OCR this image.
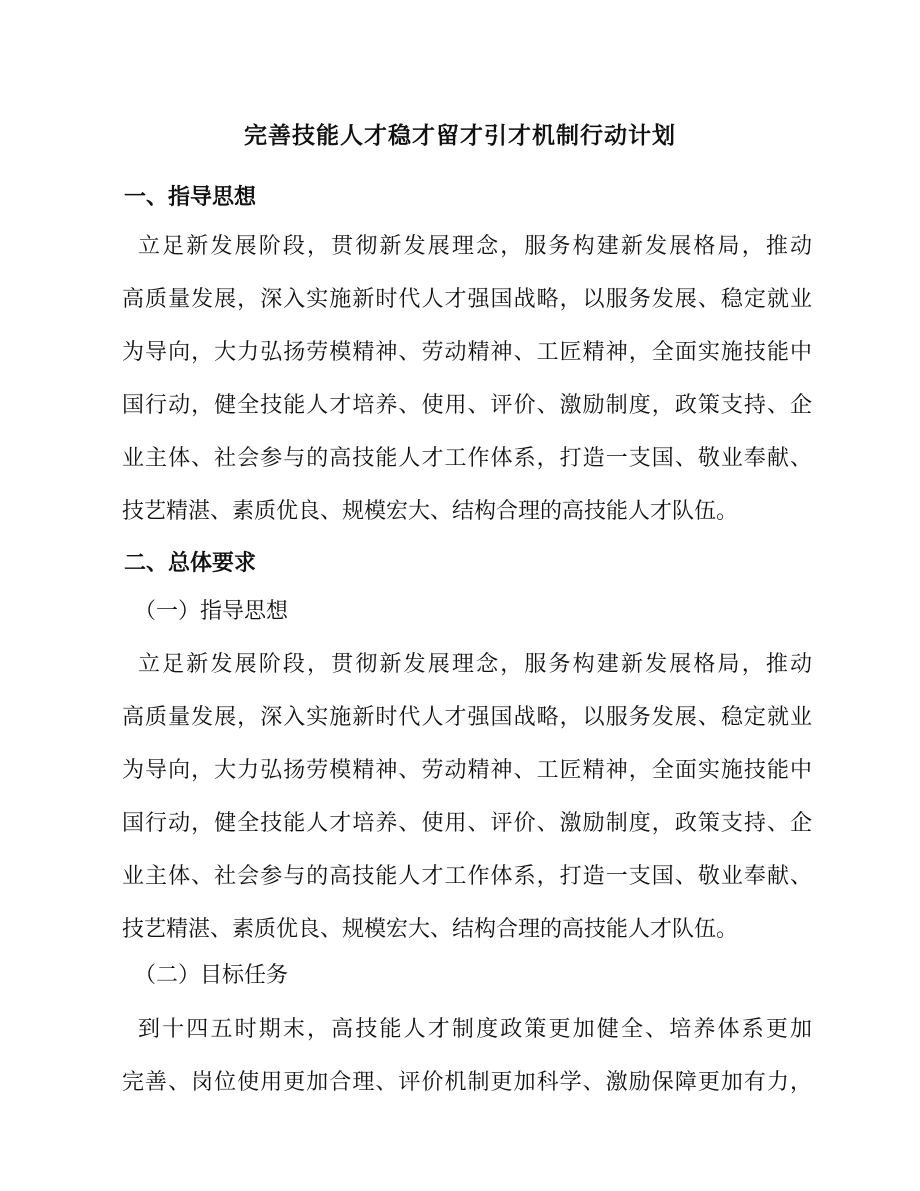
完善技能人才稳才留才引才机制行动计划
一、指导思想
立足新发展阶段，贯彻新发展理念，服务构建新发展格局，推动
高质量发展，深入实施新时代人才强国战略，以服务发展、稳定就业
为导向，大力弘扬劳模精神、劳动精神、工匠精神，全面实施技能中
国行动，健全技能人才培养、使用、评价、激励制度，政策支持、企
业主体、社会参与的高技能人才工作体系，打造一支国、敬业奉献、
技艺精湛、素质优良、规模宏大、结构合理的高技能人才队伍。
二、总体要求
（一）指导思想
立足新发展阶段，贯彻新发展理念，服务构建新发展格局，推动
高质量发展，深入实施新时代人才强国战略，以服务发展、稳定就业
为导向，大力弘扬劳模精神、劳动精神、工匠精神，全面实施技能中
国行动，健全技能人才培养、使用、评价、激励制度，政策支持、企
业主体、社会参与的高技能人才工作体系，打造一支国、敬业奉献、
技艺精湛、素质优良、规模宏大、结构合理的高技能人才队伍。
（二）目标任务
到十四五时期末，高技能人才制度政策更加健全、培养体系更加
完善、岗位使用更加合理、评价机制更加科学、激励保障更加有力，
